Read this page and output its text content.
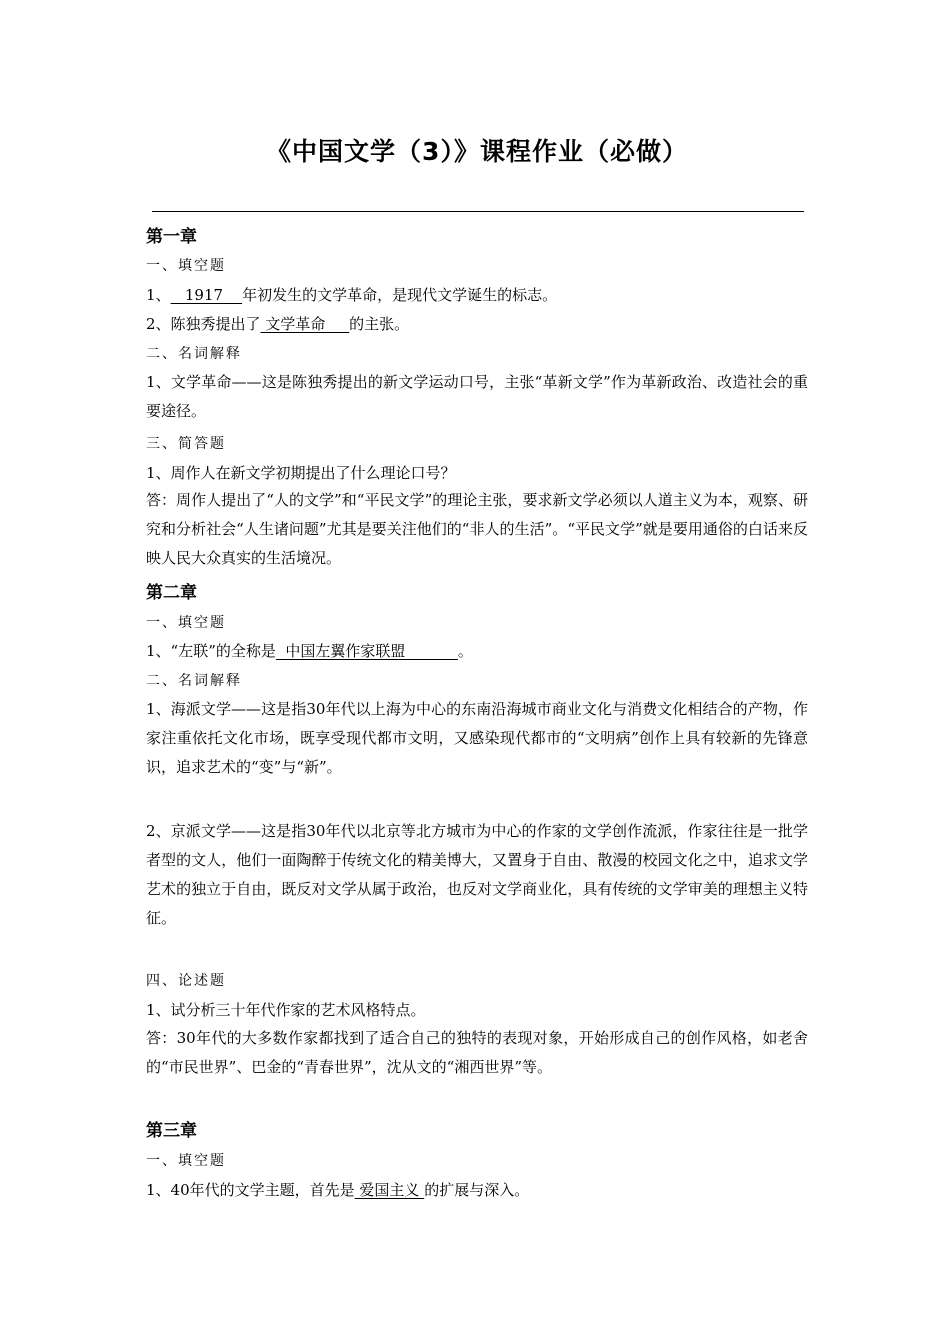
《中国文学（3）》课程作业（必做）
第一章
一、填空题
1、   1917    年初发生的文学革命，是现代文学诞生的标志。
2、陈独秀提出了 文学革命     的主张。
二、名词解释
1、文学革命——这是陈独秀提出的新文学运动口号，主张“革新文学”作为革新政治、改造社会的重要途径。
三、简答题
1、周作人在新文学初期提出了什么理论口号？
答：周作人提出了“人的文学”和“平民文学”的理论主张，要求新文学必须以人道主义为本，观察、研究和分析社会“人生诸问题”尤其是要关注他们的“非人的生活”。“平民文学”就是要用通俗的白话来反映人民大众真实的生活境况。
第二章
一、填空题
1、“左联”的全称是  中国左翼作家联盟           。
二、名词解释
1、海派文学——这是指30年代以上海为中心的东南沿海城市商业文化与消费文化相结合的产物，作家注重依托文化市场，既享受现代都市文明，又感染现代都市的“文明病”创作上具有较新的先锋意识，追求艺术的“变”与“新”。
2、京派文学——这是指30年代以北京等北方城市为中心的作家的文学创作流派，作家往往是一批学者型的文人，他们一面陶醉于传统文化的精美博大，又置身于自由、散漫的校园文化之中，追求文学艺术的独立于自由，既反对文学从属于政治，也反对文学商业化，具有传统的文学审美的理想主义特征。
四、论述题
1、试分析三十年代作家的艺术风格特点。
答：30年代的大多数作家都找到了适合自己的独特的表现对象，开始形成自己的创作风格，如老舍的“市民世界”、巴金的“青春世界”，沈从文的“湘西世界”等。
第三章
一、填空题
1、40年代的文学主题，首先是 爱国主义 的扩展与深入。
